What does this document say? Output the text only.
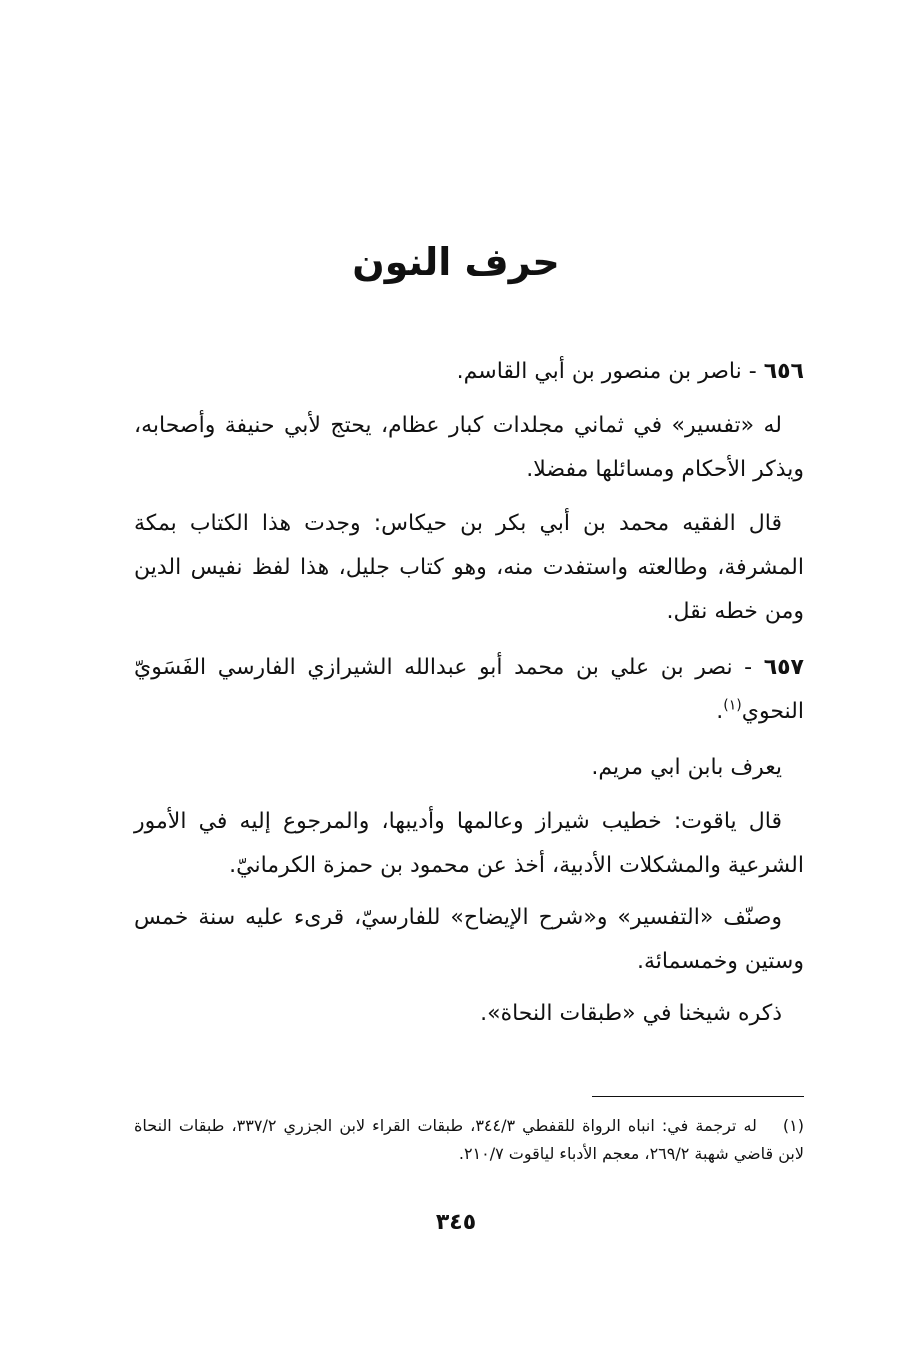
حرف النون
٦٥٦ - ناصر بن منصور بن أبي القاسم.
له «تفسير» في ثماني مجلدات كبار عظام، يحتج لأبي حنيفة وأصحابه، ويذكر الأحكام ومسائلها مفضلا.
قال الفقيه محمد بن أبي بكر بن حيكاس: وجدت هذا الكتاب بمكة المشرفة، وطالعته واستفدت منه، وهو كتاب جليل، هذا لفظ نفيس الدين ومن خطه نقل.
٦٥٧ - نصر بن علي بن محمد أبو عبدالله الشيرازي الفارسي الفَسَويّ النحوي$^{(١)}$.
يعرف بابن ابي مريم.
قال ياقوت: خطيب شيراز وعالمها وأديبها، والمرجوع إليه في الأمور الشرعية والمشكلات الأدبية، أخذ عن محمود بن حمزة الكرمانيّ.
وصنّف «التفسير» و«شرح الإيضاح» للفارسيّ، قرىء عليه سنة خمس وستين وخمسمائة.
ذكره شيخنا في «طبقات النحاة».
(١) له ترجمة في: انباه الرواة للقفطي ٣٤٤/٣، طبقات القراء لابن الجزري ٣٣٧/٢، طبقات النحاة لابن قاضي شهبة ٢٦٩/٢، معجم الأدباء لياقوت ٢١٠/٧.
٣٤٥
